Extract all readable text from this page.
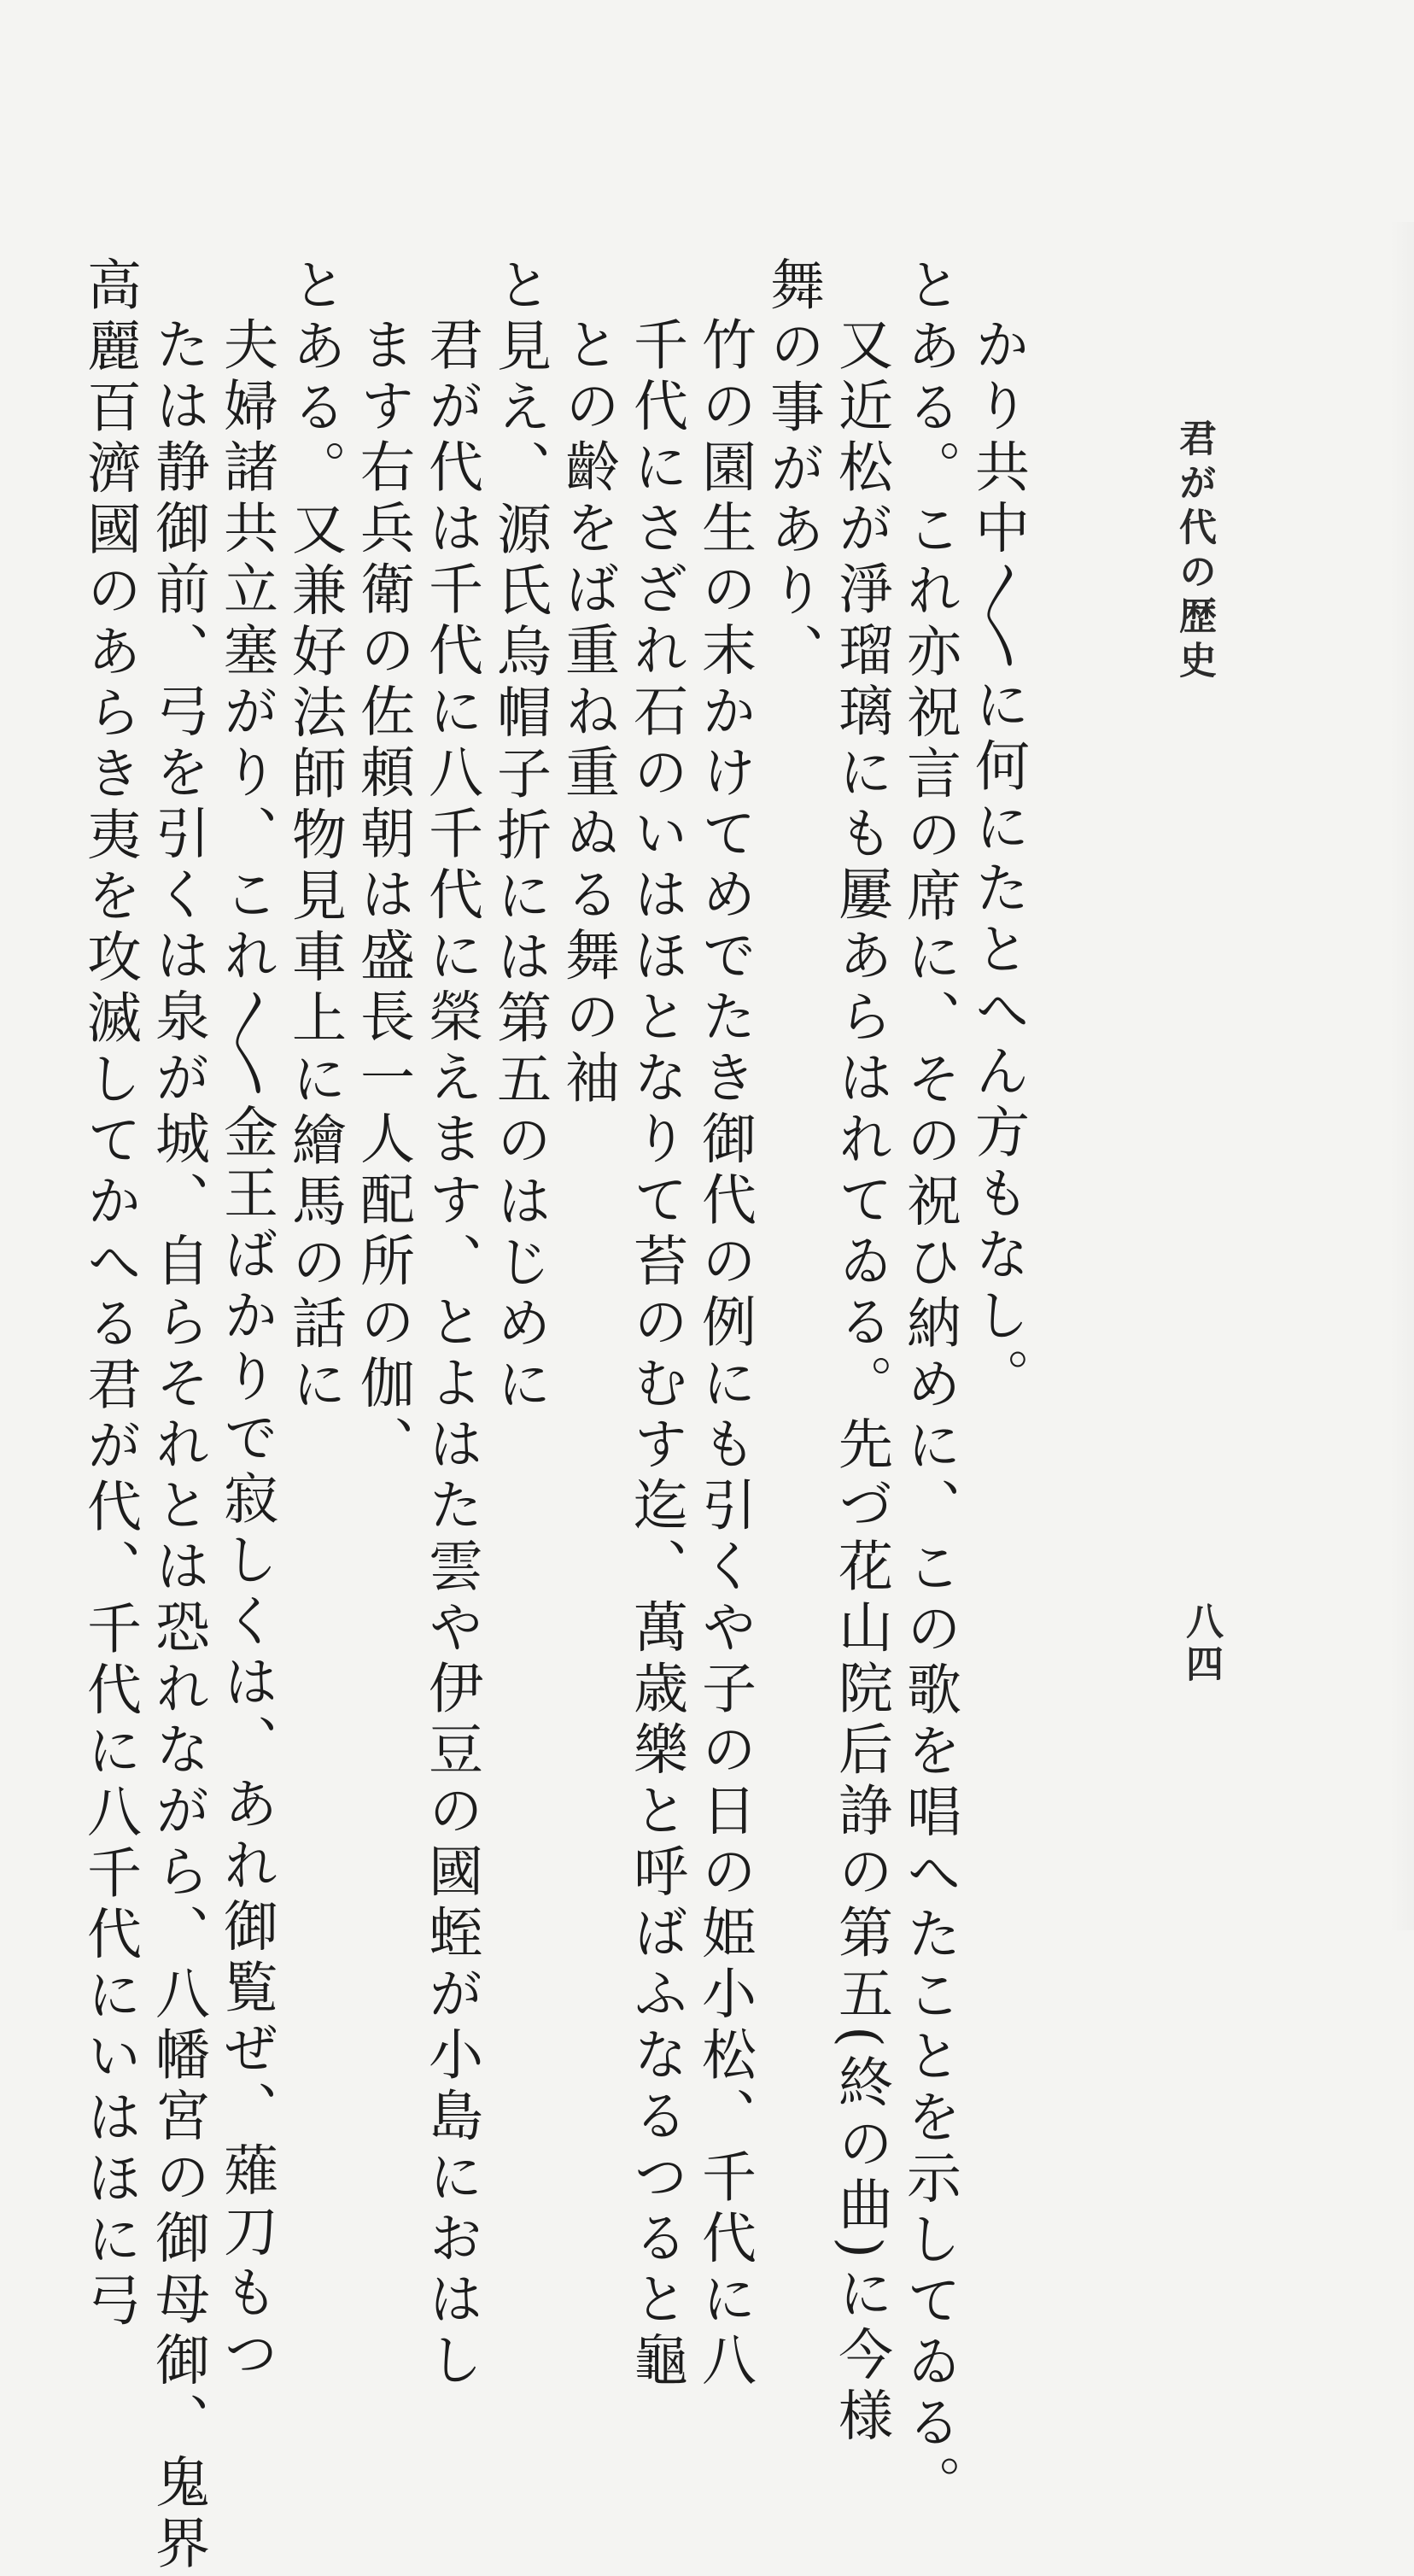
君が代の歴史
八四
かり共中〳〵に何にたとへん方もなし。
とある。これ亦祝言の席に、その祝ひ納めに、この歌を唱へたことを示してゐる。
又近松が淨瑠璃にも屢あらはれてゐる。先づ花山院后諍の第五(終の曲)に今様
舞の事があり、
竹の園生の末かけてめでたき御代の例にも引くや子の日の姫小松、千代に八
千代にさざれ石のいはほとなりて苔のむす迄、萬歳樂と呼ばふなるつると龜
との齡をば重ね重ぬる舞の袖
と見え、源氏烏帽子折には第五のはじめに
君が代は千代に八千代に榮えます、とよはた雲や伊豆の國蛭が小島におはし
ます右兵衛の佐頼朝は盛長一人配所の伽、
とある。又兼好法師物見車上に繪馬の話に
夫婦諸共立塞がり、これ〳〵金王ばかりで寂しくは、あれ御覧ぜ、薙刀もつ
たは静御前、弓を引くは泉が城、自らそれとは恐れながら、八幡宮の御母御、鬼界
高麗百濟國のあらき夷を攻滅してかへる君が代、千代に八千代にいはほに弓
